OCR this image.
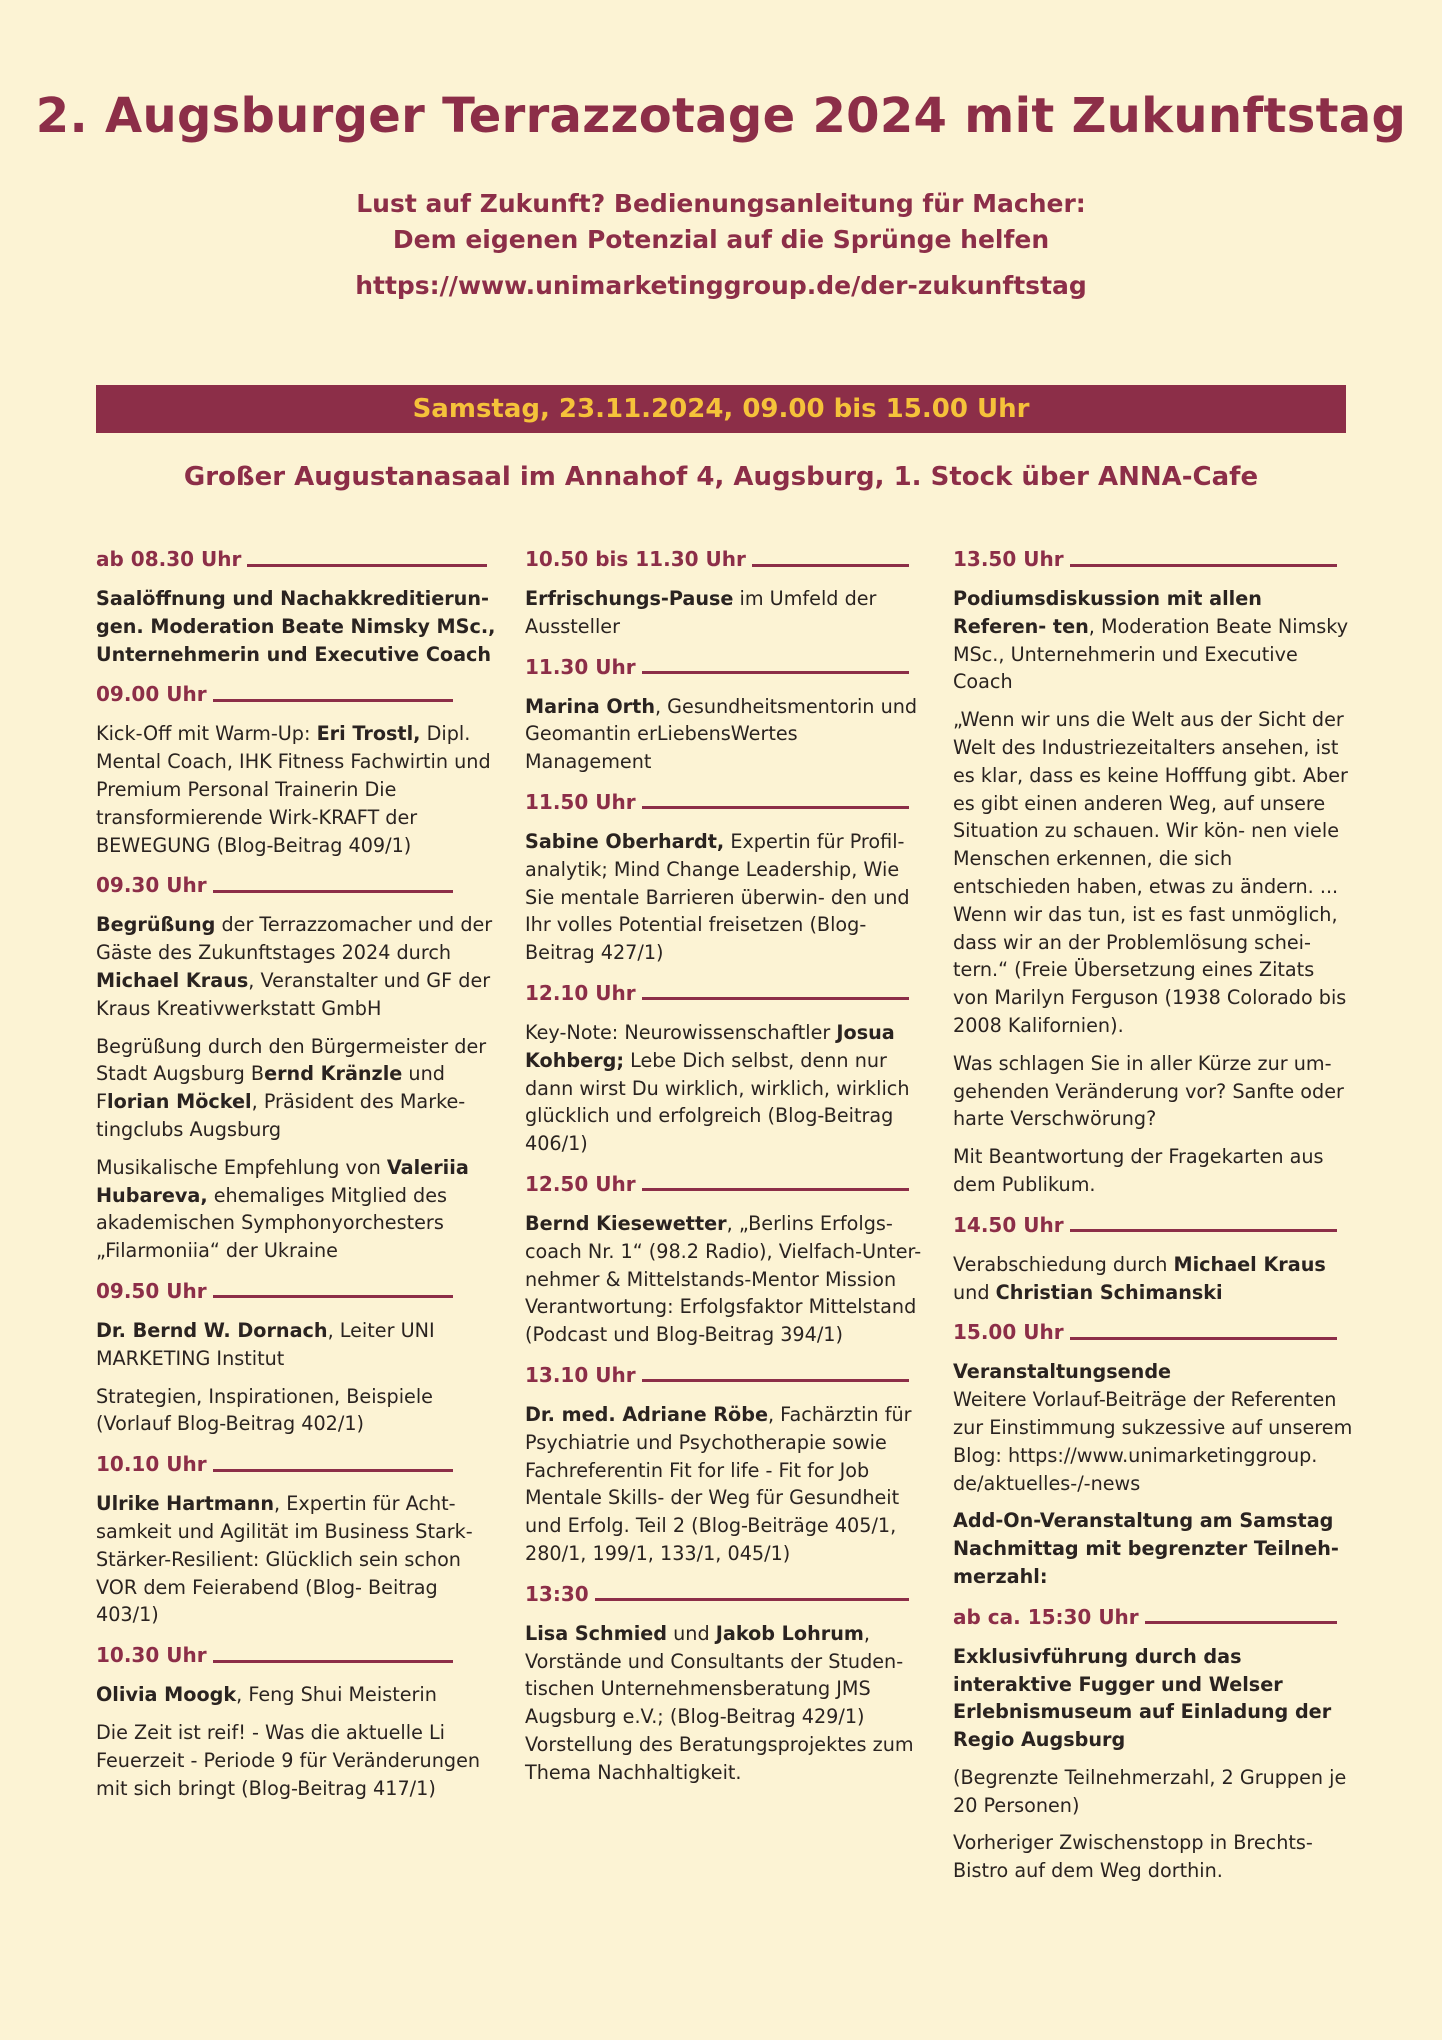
2. Augsburger Terrazzotage 2024 mit Zukunftstag
Lust auf Zukunft? Bedienungsanleitung für Macher:
Dem eigenen Potenzial auf die Sprünge helfen
https://www.unimarketinggroup.de/der-zukunftstag
Samstag, 23.11.2024, 09.00 bis 15.00 Uhr
Großer Augustanasaal im Annahof 4, Augsburg, 1. Stock über ANNA-Cafe
ab 08.30 Uhr

Saalöffnung und Nachakkreditierun- gen. Moderation Beate Nimsky MSc., Unternehmerin und Executive Coach

09.00 Uhr

Kick-Off mit Warm-Up: Eri Trostl, Dipl. Mental Coach, IHK Fitness Fachwirtin und Premium Personal Trainerin Die transformierende Wirk-KRAFT der BEWEGUNG (Blog-Beitrag 409/1)

09.30 Uhr

Begrüßung der Terrazzomacher und der Gäste des Zukunftstages 2024 durch Michael Kraus, Veranstalter und GF der Kraus Kreativwerkstatt GmbH

Begrüßung durch den Bürgermeister der Stadt Augsburg Bernd Kränzle und Florian Möckel, Präsident des Marke- tingclubs Augsburg

Musikalische Empfehlung von Valeriia Hubareva, ehemaliges Mitglied des akademischen Symphonyorchesters „Filarmoniia“ der Ukraine

09.50 Uhr

Dr. Bernd W. Dornach, Leiter UNI MARKETING Institut

Strategien, Inspirationen, Beispiele (Vorlauf Blog-Beitrag 402/1)

10.10 Uhr

Ulrike Hartmann, Expertin für Acht- samkeit und Agilität im Business Stark-Stärker-Resilient: Glücklich sein schon VOR dem Feierabend (Blog- Beitrag 403/1)

10.30 Uhr

Olivia Moogk, Feng Shui Meisterin

Die Zeit ist reif! - Was die aktuelle Li Feuerzeit - Periode 9 für Veränderungen mit sich bringt (Blog-Beitrag 417/1)

10.50 bis 11.30 Uhr

Erfrischungs-Pause im Umfeld der Aussteller

11.30 Uhr

Marina Orth, Gesundheitsmentorin und Geomantin erLiebensWertes Management

11.50 Uhr

Sabine Oberhardt, Expertin für Profil- analytik; Mind Change Leadership, Wie Sie mentale Barrieren überwin- den und Ihr volles Potential freisetzen (Blog-Beitrag 427/1)

12.10 Uhr

Key-Note: Neurowissenschaftler Josua Kohberg; Lebe Dich selbst, denn nur dann wirst Du wirklich, wirklich, wirklich glücklich und erfolgreich (Blog-Beitrag 406/1)

12.50 Uhr

Bernd Kiesewetter, „Berlins Erfolgs- coach Nr. 1“ (98.2 Radio), Vielfach-Unter- nehmer & Mittelstands-Mentor Mission Verantwortung: Erfolgsfaktor Mittelstand (Podcast und Blog-Beitrag 394/1)

13.10 Uhr

Dr. med. Adriane Röbe, Fachärztin für Psychiatrie und Psychotherapie sowie Fachreferentin Fit for life - Fit for Job Mentale Skills- der Weg für Gesundheit und Erfolg. Teil 2 (Blog-Beiträge 405/1, 280/1, 199/1, 133/1, 045/1)

13:30

Lisa Schmied und Jakob Lohrum, Vorstände und Consultants der Studen- tischen Unternehmensberatung JMS Augsburg e.V.; (Blog-Beitrag 429/1) Vorstellung des Beratungsprojektes zum Thema Nachhaltigkeit.

13.50 Uhr

Podiumsdiskussion mit allen Referen- ten, Moderation Beate Nimsky MSc., Unternehmerin und Executive Coach

„Wenn wir uns die Welt aus der Sicht der Welt des Industriezeitalters ansehen, ist es klar, dass es keine Hofffung gibt. Aber es gibt einen anderen Weg, auf unsere Situation zu schauen. Wir kön- nen viele Menschen erkennen, die sich entschieden haben, etwas zu ändern. ... Wenn wir das tun, ist es fast unmöglich, dass wir an der Problemlösung schei- tern.“ (Freie Übersetzung eines Zitats von Marilyn Ferguson (1938 Colorado bis 2008 Kalifornien).

Was schlagen Sie in aller Kürze zur um- gehenden Veränderung vor? Sanfte oder harte Verschwörung?

Mit Beantwortung der Fragekarten aus dem Publikum.

14.50 Uhr

Verabschiedung durch Michael Kraus und Christian Schimanski

15.00 Uhr

Veranstaltungsende
Weitere Vorlauf-Beiträge der Referenten zur Einstimmung sukzessive auf unserem Blog: https://www.unimarketinggroup. de/aktuelles-/-news

Add-On-Veranstaltung am Samstag Nachmittag mit begrenzter Teilneh- merzahl:

ab ca. 15:30 Uhr

Exklusivführung durch das interaktive Fugger und Welser Erlebnismuseum auf Einladung der Regio Augsburg

(Begrenzte Teilnehmerzahl, 2 Gruppen je 20 Personen)

Vorheriger Zwischenstopp in Brechts- Bistro auf dem Weg dorthin.
